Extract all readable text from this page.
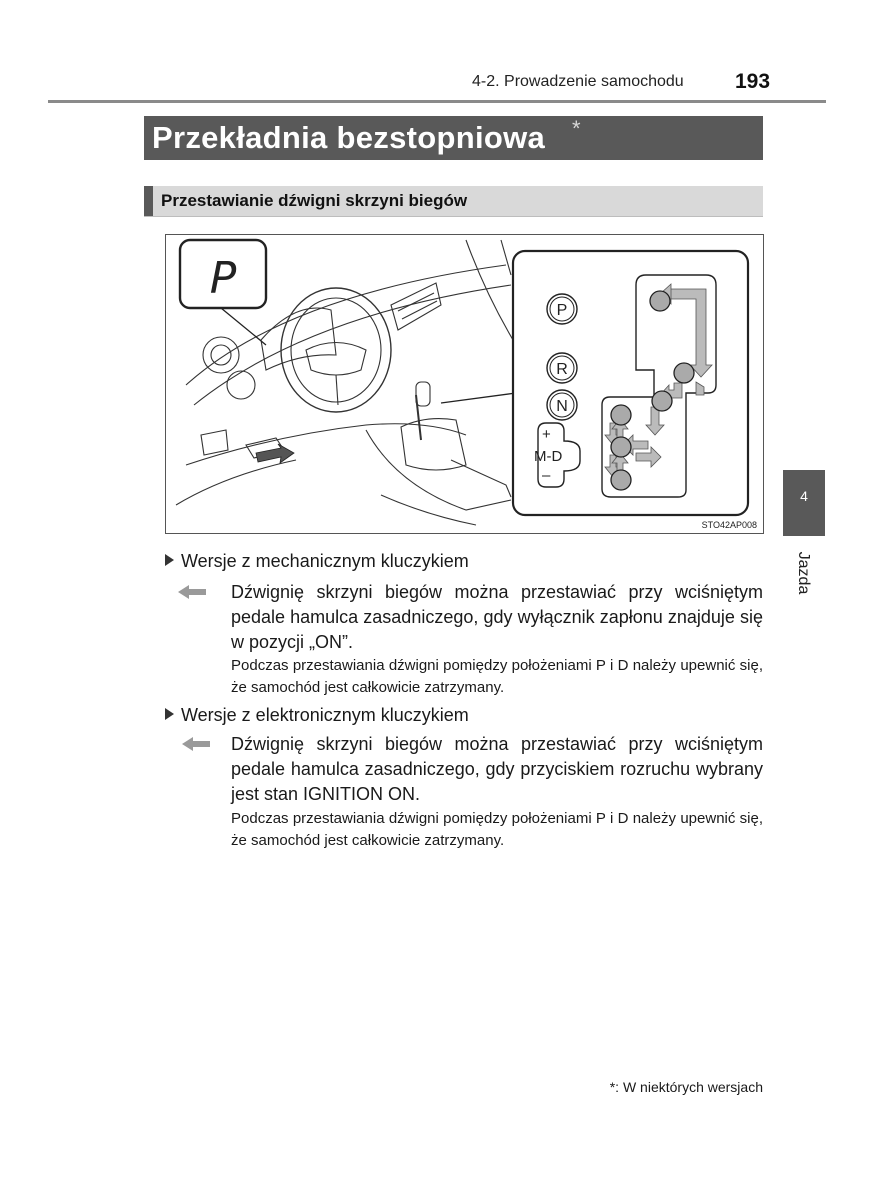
4-2. Prowadzenie samochodu 193
Przekładnia bezstopniowa *
Przestawianie dźwigni skrzyni biegów
P
P
R
N
+
M-D
–
STO42AP008
4
Jazda
Wersje z mechanicznym kluczykiem
Dźwignię skrzyni biegów można przestawiać przy wciśniętym pedale hamulca zasadniczego, gdy wyłącznik zapłonu znajduje się w pozycji „ON”.
Podczas przestawiania dźwigni pomiędzy położeniami P i D należy upewnić się, że samochód jest całkowicie zatrzymany.
Wersje z elektronicznym kluczykiem
Dźwignię skrzyni biegów można przestawiać przy wciśniętym pedale hamulca zasadniczego, gdy przyciskiem rozruchu wybrany jest stan IGNITION ON.
Podczas przestawiania dźwigni pomiędzy położeniami P i D należy upewnić się, że samochód jest całkowicie zatrzymany.
*: W niektórych wersjach
